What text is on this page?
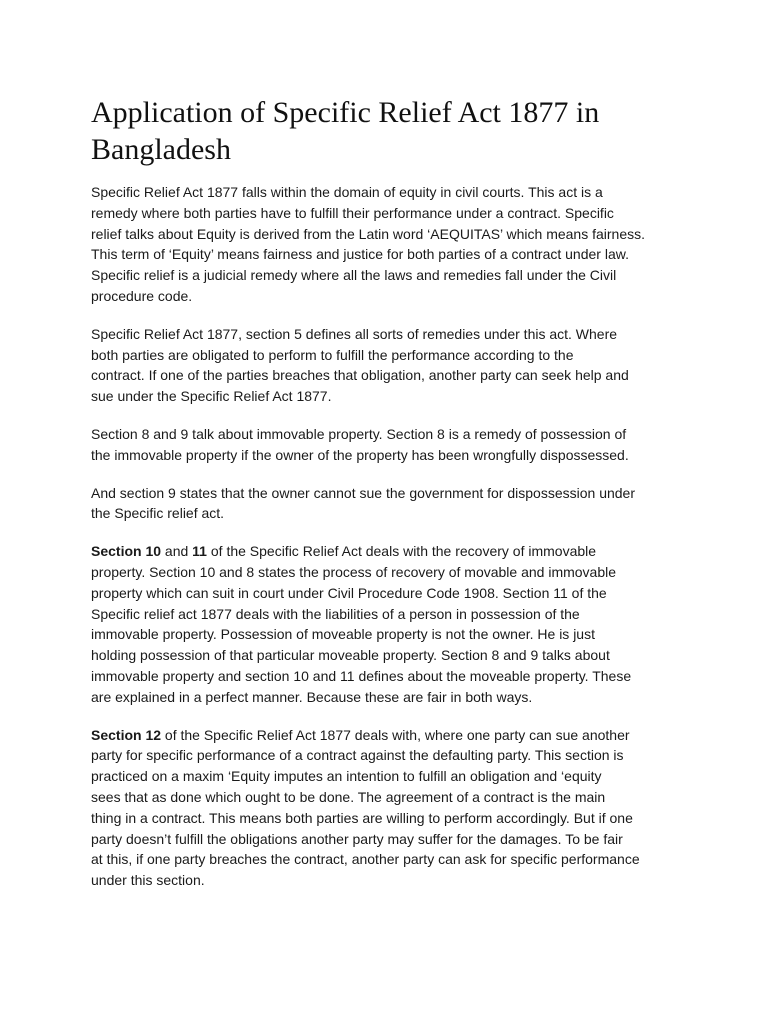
Application of Specific Relief Act 1877 in Bangladesh

Specific Relief Act 1877 falls within the domain of equity in civil courts. This act is a
remedy where both parties have to fulfill their performance under a contract. Specific
relief talks about Equity is derived from the Latin word ‘AEQUITAS’ which means fairness.
This term of ‘Equity’ means fairness and justice for both parties of a contract under law.
Specific relief is a judicial remedy where all the laws and remedies fall under the Civil
procedure code.

Specific Relief Act 1877, section 5 defines all sorts of remedies under this act. Where
both parties are obligated to perform to fulfill the performance according to the
contract. If one of the parties breaches that obligation, another party can seek help and
sue under the Specific Relief Act 1877.

Section 8 and 9 talk about immovable property. Section 8 is a remedy of possession of
the immovable property if the owner of the property has been wrongfully dispossessed.

And section 9 states that the owner cannot sue the government for dispossession under
the Specific relief act.

Section 10 and 11 of the Specific Relief Act deals with the recovery of immovable
property. Section 10 and 8 states the process of recovery of movable and immovable
property which can suit in court under Civil Procedure Code 1908. Section 11 of the
Specific relief act 1877 deals with the liabilities of a person in possession of the
immovable property. Possession of moveable property is not the owner. He is just
holding possession of that particular moveable property. Section 8 and 9 talks about
immovable property and section 10 and 11 defines about the moveable property. These
are explained in a perfect manner. Because these are fair in both ways.

Section 12 of the Specific Relief Act 1877 deals with, where one party can sue another
party for specific performance of a contract against the defaulting party. This section is
practiced on a maxim ‘Equity imputes an intention to fulfill an obligation and ‘equity
sees that as done which ought to be done. The agreement of a contract is the main
thing in a contract. This means both parties are willing to perform accordingly. But if one
party doesn’t fulfill the obligations another party may suffer for the damages. To be fair
at this, if one party breaches the contract, another party can ask for specific performance
under this section.
